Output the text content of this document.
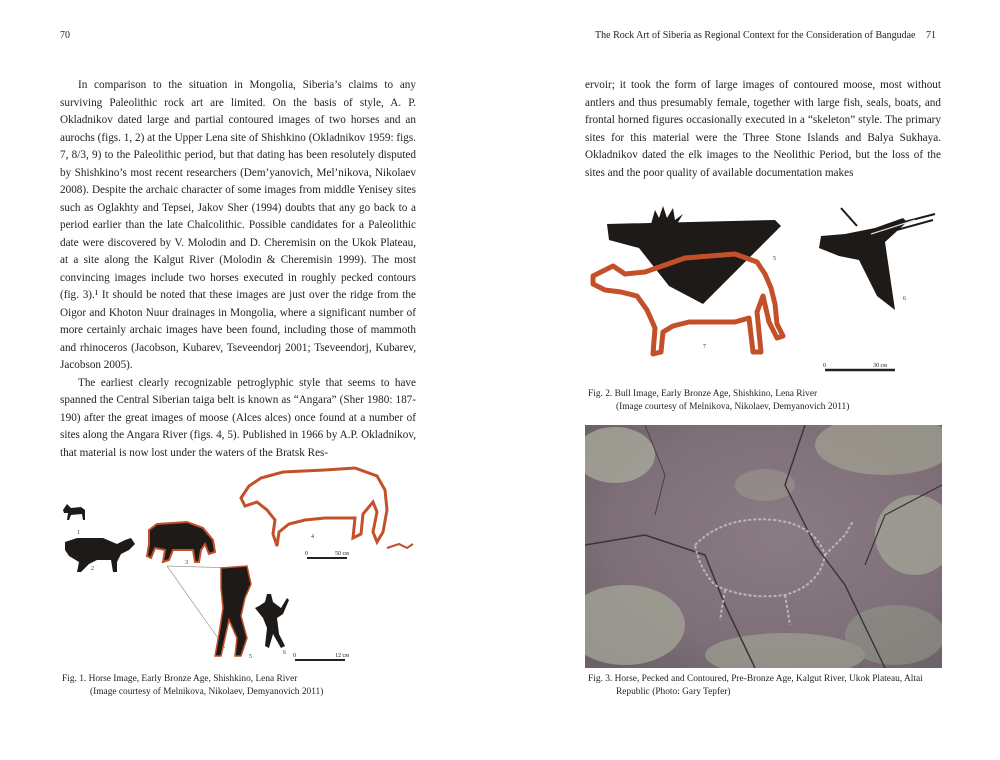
70

In comparison to the situation in Mongolia, Siberia’s claims to any surviving Paleolithic rock art are limited. On the basis of style, A. P. Okladnikov dated large and partial contoured images of two horses and an aurochs (figs. 1, 2) at the Upper Lena site of Shishkino (Okladnikov 1959: figs. 7, 8/3, 9) to the Paleolithic period, but that dating has been resolutely disputed by Shishkino’s most recent researchers (Dem’yanovich, Mel’nikova, Nikolaev 2008). Despite the archaic character of some images from middle Yenisey sites such as Oglakhty and Tepsei, Jakov Sher (1994) doubts that any go back to a period earlier than the late Chalcolithic. Possible candidates for a Paleolithic date were discovered by V. Molodin and D. Cheremisin on the Ukok Plateau, at a site along the Kalgut River (Molodin & Cheremisin 1999). The most convincing images include two horses executed in roughly pecked contours (fig. 3).¹ It should be noted that these images are just over the ridge from the Oigor and Khoton Nuur drainages in Mongolia, where a significant number of more certainly archaic images have been found, including those of mammoth and rhinoceros (Jacobson, Kubarev, Tseveendorj 2001; Tseveendorj, Kubarev, Jacobson 2005).

The earliest clearly recognizable petroglyphic style that seems to have spanned the Central Siberian taiga belt is known as “Angara” (Sher 1980: 187-190) after the great images of moose (Alces alces) once found at a number of sites along the Angara River (figs. 4, 5). Published in 1966 by A.P. Okladnikov, that material is now lost under the waters of the Bratsk Res-

1
2
3
4
0	50 см
5
6 0	12 см
Fig. 1. Horse Image, Early Bronze Age, Shishkino, Lena River
(Image courtesy of Melnikova, Nikolaev, Demyanovich 2011)
The Rock Art of Siberia as Regional Context for the Consideration of Bangudae 71

ervoir; it took the form of large images of contoured moose, most without antlers and thus presumably female, together with large fish, seals, boats, and frontal horned figures occasionally executed in a “skeleton” style. The primary sites for this material were the Three Stone Islands and Balya Sukhaya. Okladnikov dated the elk images to the Neolithic Period, but the loss of the sites and the poor quality of available documentation makes

5
6
7
0	30 см
Fig. 2. Bull Image, Early Bronze Age, Shishkino, Lena River
(Image courtesy of Melnikova, Nikolaev, Demyanovich 2011)
Fig. 3. Horse, Pecked and Contoured, Pre-Bronze Age, Kalgut River, Ukok Plateau, Altai
Republic (Photo: Gary Tepfer)
